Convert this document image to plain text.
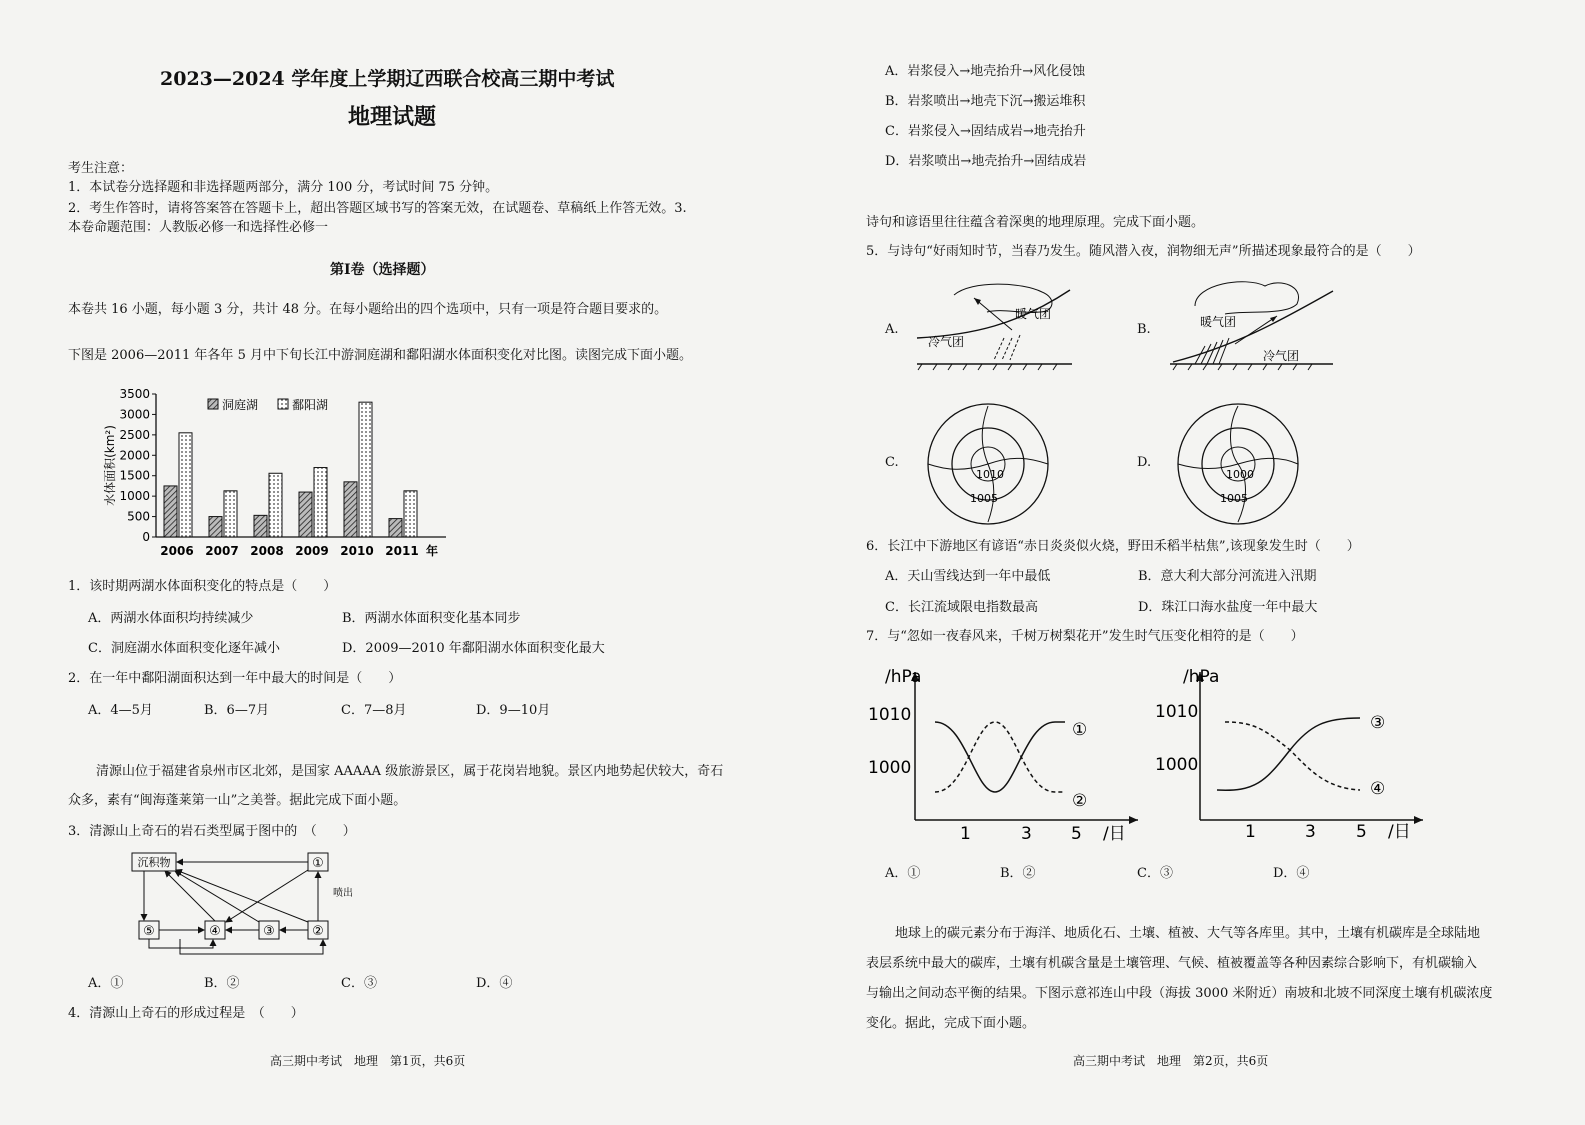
2023—2024 学年度上学期辽西联合校高三期中考试
地理试题
考生注意：
1．本试卷分选择题和非选择题两部分，满分 100 分，考试时间 75 分钟。
2．考生作答时，请将答案答在答题卡上，超出答题区域书写的答案无效，在试题卷、草稿纸上作答无效。3.
本卷命题范围：人教版必修一和选择性必修一
第Ⅰ卷（选择题）
本卷共 16 小题，每小题 3 分，共计 48 分。在每小题给出的四个选项中，只有一项是符合题目要求的。
下图是 2006—2011 年各年 5 月中下旬长江中游洞庭湖和鄱阳湖水体面积变化对比图。读图完成下面小题。
0
500
1000
1500
2000
2500
3000
3500
水体面积(km²)
2006 2007 2008 2009 2010 2011 年
洞庭湖	鄱阳湖
1．该时期两湖水体面积变化的特点是（　　）
A．两湖水体面积均持续减少	B．两湖水体面积变化基本同步
C．洞庭湖水体面积变化逐年减小	D．2009—2010 年鄱阳湖水体面积变化最大
2．在一年中鄱阳湖面积达到一年中最大的时间是（　　）
A．4—5月	B．6—7月	C．7—8月	D．9—10月
清源山位于福建省泉州市区北郊，是国家 AAAAA 级旅游景区，属于花岗岩地貌。景区内地势起伏较大，奇石
众多，素有“闽海蓬莱第一山”之美誉。据此完成下面小题。
3．清源山上奇石的岩石类型属于图中的　（　　）
沉积物	①
⑤	④	③	②
喷出
A．①	B．②	C．③	D．④
4．清源山上奇石的形成过程是　（　　）
高三期中考试　地理　第1页，共6页
A．岩浆侵入→地壳抬升→风化侵蚀
B．岩浆喷出→地壳下沉→搬运堆积
C．岩浆侵入→固结成岩→地壳抬升
D．岩浆喷出→地壳抬升→固结成岩
诗句和谚语里往往蕴含着深奥的地理原理。完成下面小题。
5．与诗句“好雨知时节，当春乃发生。随风潜入夜，润物细无声”所描述现象最符合的是（　　）
A.
暖气团
冷气团
B.	暖气团
冷气团
C.
1010
1005
D.
1000
1005
6．长江中下游地区有谚语“赤日炎炎似火烧，野田禾稻半枯焦”,该现象发生时（　　）
A．天山雪线达到一年中最低	B．意大利大部分河流进入汛期
C．长江流域限电指数最高	D．珠江口海水盐度一年中最大
7．与“忽如一夜春风来，千树万树梨花开”发生时气压变化相符的是（　　）
/hPa
1010
1000
1	3 5 /日
①
②
/hPa
1010
1000
1	3 5 /日
③
④
A．①	B．②	C．③	D．④
地球上的碳元素分布于海洋、地质化石、土壤、植被、大气等各库里。其中，土壤有机碳库是全球陆地
表层系统中最大的碳库，土壤有机碳含量是土壤管理、气候、植被覆盖等各种因素综合影响下，有机碳输入
与输出之间动态平衡的结果。下图示意祁连山中段（海拔 3000 米附近）南坡和北坡不同深度土壤有机碳浓度
变化。据此，完成下面小题。
高三期中考试　地理　第2页，共6页
